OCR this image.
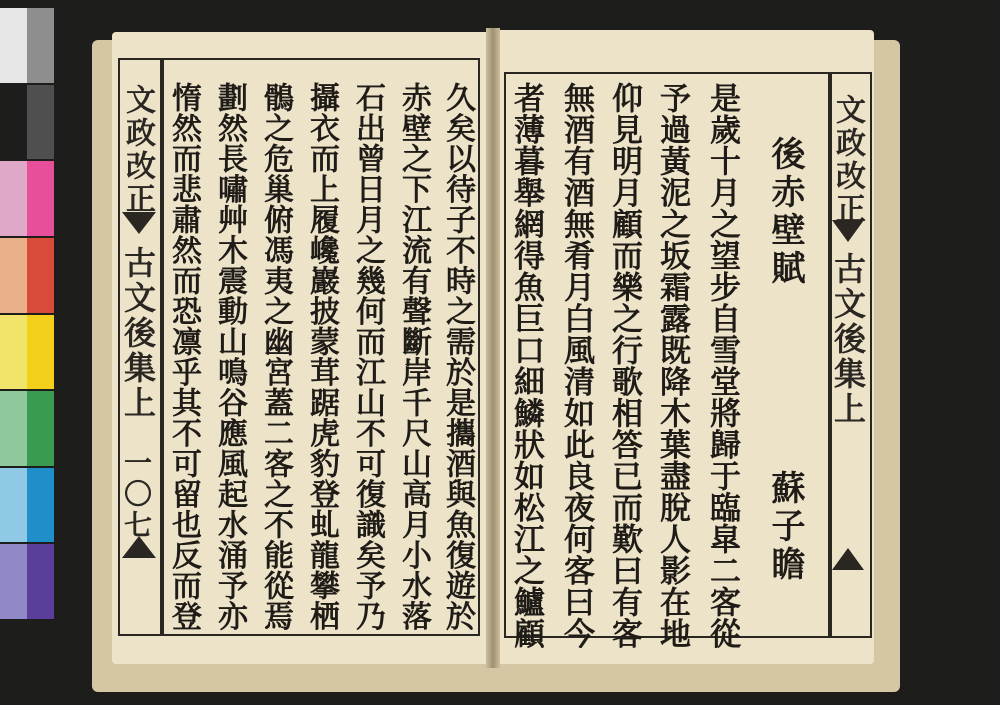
文政改正
古文後集上
一〇七 惰然而悲肅然而恐凛乎其不可留也反而登 劃然長嘯艸木震動山鳴谷應風起水涌予亦 鶻之危巢俯馮夷之幽宮蓋二客之不能從焉 攝衣而上履巉巖披蒙茸踞虎豹登虬龍攀栖 石出曾日月之幾何而江山不可復識矣予乃 赤壁之下江流有聲斷岸千尺山高月小水落 久矣以待子不時之需於是攜酒與魚復遊於	文政改正
古文後集上
者薄暮舉網得魚巨口細鱗狀如松江之鱸顧 無酒有酒無肴月白風清如此良夜何客曰今 仰見明月顧而樂之行歌相答已而歎曰有客 予過黃泥之坂霜露既降木葉盡脫人影在地 是歲十月之望步自雪堂將歸于臨皐二客從 後赤壁賦
蘇子瞻
